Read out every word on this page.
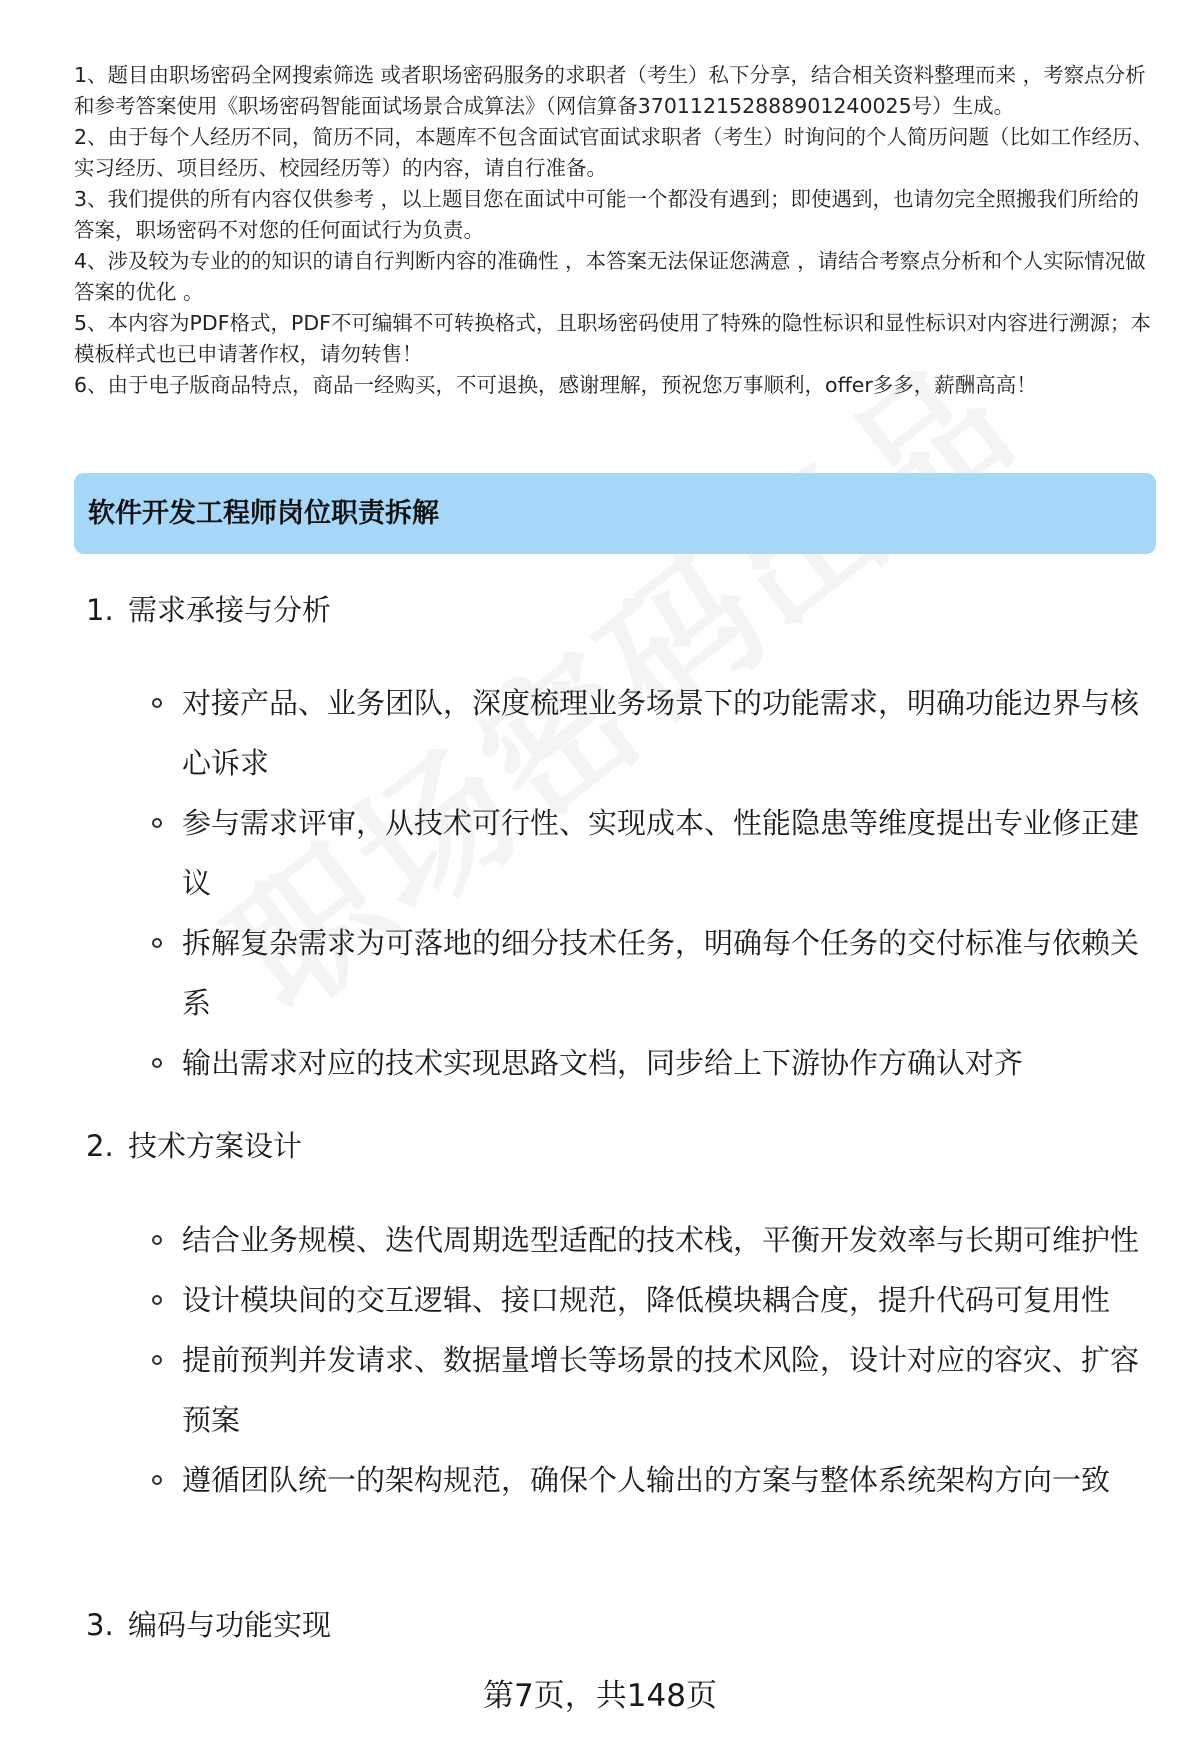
1、题目由职场密码全网搜索筛选 或者职场密码服务的求职者（考生）私下分享，结合相关资料整理而来 ，考察点分析和参考答案使用《职场密码智能面试场景合成算法》（网信算备370112152888901240025号）生成。

2、由于每个人经历不同，简历不同，本题库不包含面试官面试求职者（考生）时询问的个人简历问题（比如工作经历、实习经历、项目经历、校园经历等）的内容，请自行准备。

3、我们提供的所有内容仅供参考 ，以上题目您在面试中可能一个都没有遇到；即使遇到，也请勿完全照搬我们所给的答案，职场密码不对您的任何面试行为负责。

4、涉及较为专业的的知识的请自行判断内容的准确性 ，本答案无法保证您满意 ，请结合考察点分析和个人实际情况做答案的优化 。

5、本内容为PDF格式，PDF不可编辑不可转换格式，且职场密码使用了特殊的隐性标识和显性标识对内容进行溯源；本模板样式也已申请著作权，请勿转售！

6、由于电子版商品特点，商品一经购买，不可退换，感谢理解，预祝您万事顺利，offer多多，薪酬高高！

软件开发工程师岗位职责拆解
1. 需求承接与分析
对接产品、业务团队，深度梳理业务场景下的功能需求，明确功能边界与核心诉求
参与需求评审，从技术可行性、实现成本、性能隐患等维度提出专业修正建议
拆解复杂需求为可落地的细分技术任务，明确每个任务的交付标准与依赖关系
输出需求对应的技术实现思路文档，同步给上下游协作方确认对齐
2. 技术方案设计
结合业务规模、迭代周期选型适配的技术栈，平衡开发效率与长期可维护性
设计模块间的交互逻辑、接口规范，降低模块耦合度，提升代码可复用性
提前预判并发请求、数据量增长等场景的技术风险，设计对应的容灾、扩容预案
遵循团队统一的架构规范，确保个人输出的方案与整体系统架构方向一致
3. 编码与功能实现
第7页，共148页
